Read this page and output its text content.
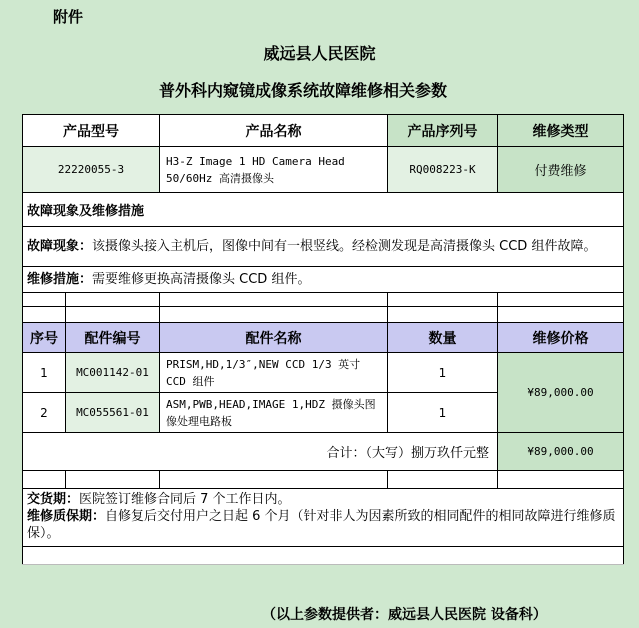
附件
威远县人民医院
普外科内窥镜成像系统故障维修相关参数
产品型号		产品名称	产品序列号	维修类型
22220055-3		H3-Z Image 1 HD Camera Head 50/60Hz 高清摄像头	RQ008223-K	付费维修
故障现象及维修措施				
故障现象：该摄像头接入主机后，图像中间有一根竖线。经检测发现是高清摄像头 CCD 组件故障。				
维修措施：需要维修更换高清摄像头 CCD 组件。				

序号	配件编号	配件名称	数量	维修价格
1	MC001142-01	PRISM,HD,1/3″,NEW CCD 1/3 英寸 CCD 组件	1	¥89,000.00
2	MC055561-01	ASM,PWB,HEAD,IMAGE 1,HDZ 摄像头图像处理电路板	1	
合计：（大写）捌万玖仟元整				¥89,000.00

交货期：医院签订维修合同后 7 个工作日内。
维修质保期：自修复后交付用户之日起 6 个月（针对非人为因素所致的相同配件的相同故障进行维修质保）。				

（以上参数提供者：威远县人民医院 设备科）
